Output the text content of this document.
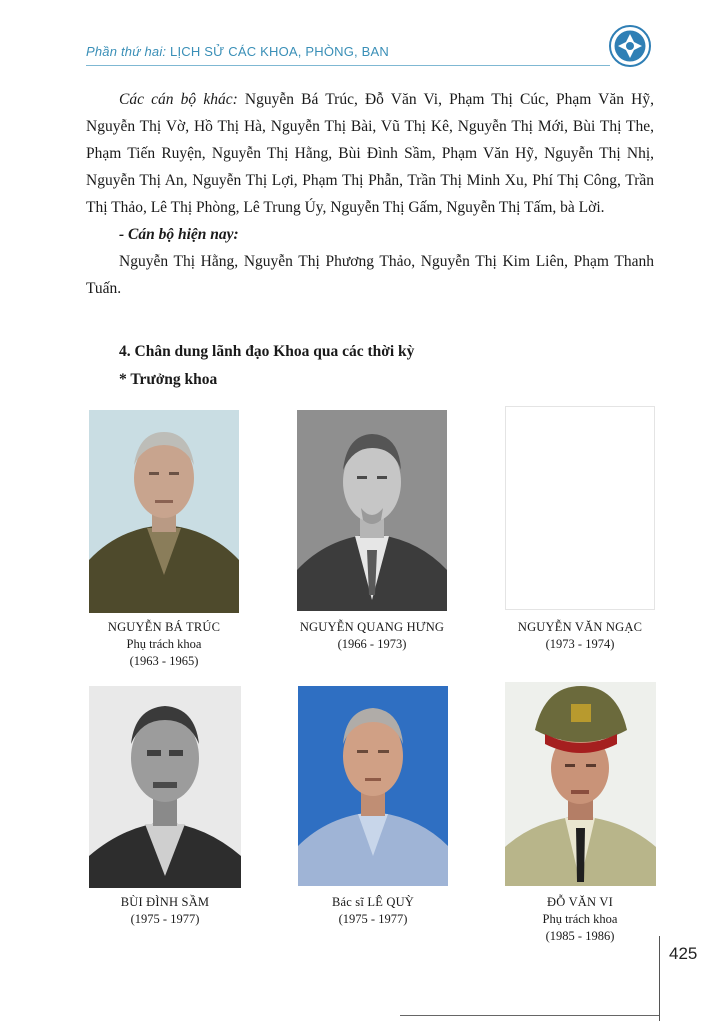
Phần thứ hai: LỊCH SỬ CÁC KHOA, PHÒNG, BAN

Các cán bộ khác: Nguyễn Bá Trúc, Đỗ Văn Vi, Phạm Thị Cúc, Phạm Văn Hỹ, Nguyễn Thị Vờ, Hồ Thị Hà, Nguyễn Thị Bài, Vũ Thị Kê, Nguyễn Thị Mới, Bùi Thị The, Phạm Tiến Ruyện, Nguyễn Thị Hằng, Bùi Đình Sầm, Phạm Văn Hỹ, Nguyễn Thị Nhị, Nguyễn Thị An, Nguyễn Thị Lợi, Phạm Thị Phẫn, Trần Thị Minh Xu, Phí Thị Công, Trần Thị Thảo, Lê Thị Phòng, Lê Trung Úy, Nguyễn Thị Gấm, Nguyễn Thị Tấm, bà Lời.

- Cán bộ hiện nay:

Nguyễn Thị Hằng, Nguyễn Thị Phương Thảo, Nguyễn Thị Kim Liên, Phạm Thanh Tuấn.

4. Chân dung lãnh đạo Khoa qua các thời kỳ
* Trưởng khoa
NGUYỄN BÁ TRÚC
Phụ trách khoa
(1963 - 1965)
NGUYỄN QUANG HƯNG
(1966 - 1973)
NGUYỄN VĂN NGẠC
(1973 - 1974)
BÙI ĐÌNH SẦM
(1975 - 1977)
Bác sĩ LÊ QUỲ
(1975 - 1977)
ĐỖ VĂN VI
Phụ trách khoa
(1985 - 1986)
425
